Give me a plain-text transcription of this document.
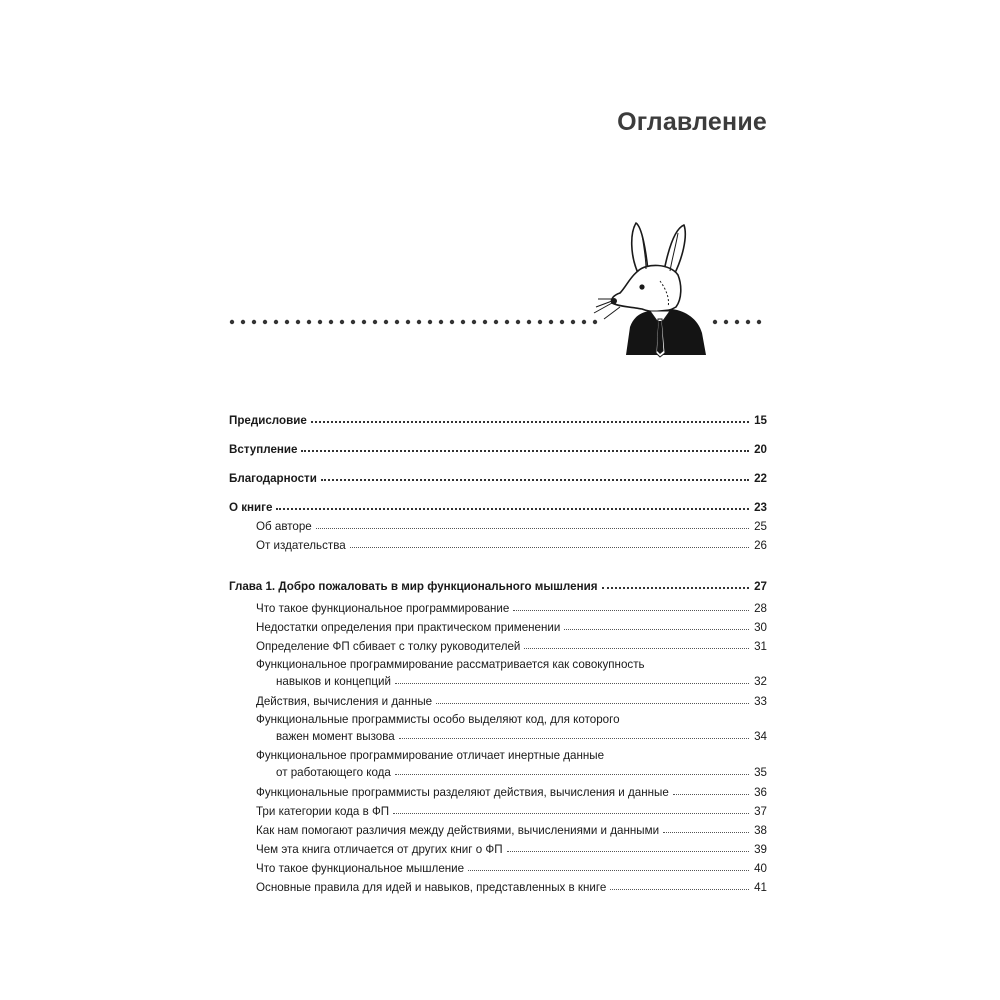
Оглавление
Предисловие	15
Вступление	20
Благодарности	22
О книге	23
Об авторе	25
От издательства	26
Глава 1. Добро пожаловать в мир функционального мышления	27
Что такое функциональное программирование	28
Недостатки определения при практическом применении	30
Определение ФП сбивает с толку руководителей	31
Функциональное программирование рассматривается как совокупность
навыков и концепций	32
Действия, вычисления и данные	33
Функциональные программисты особо выделяют код, для которого
важен момент вызова	34
Функциональное программирование отличает инертные данные
от работающего кода	35
Функциональные программисты разделяют действия, вычисления и данные	36
Три категории кода в ФП	37
Как нам помогают различия между действиями, вычислениями и данными	38
Чем эта книга отличается от других книг о ФП	39
Что такое функциональное мышление	40
Основные правила для идей и навыков, представленных в книге	41
